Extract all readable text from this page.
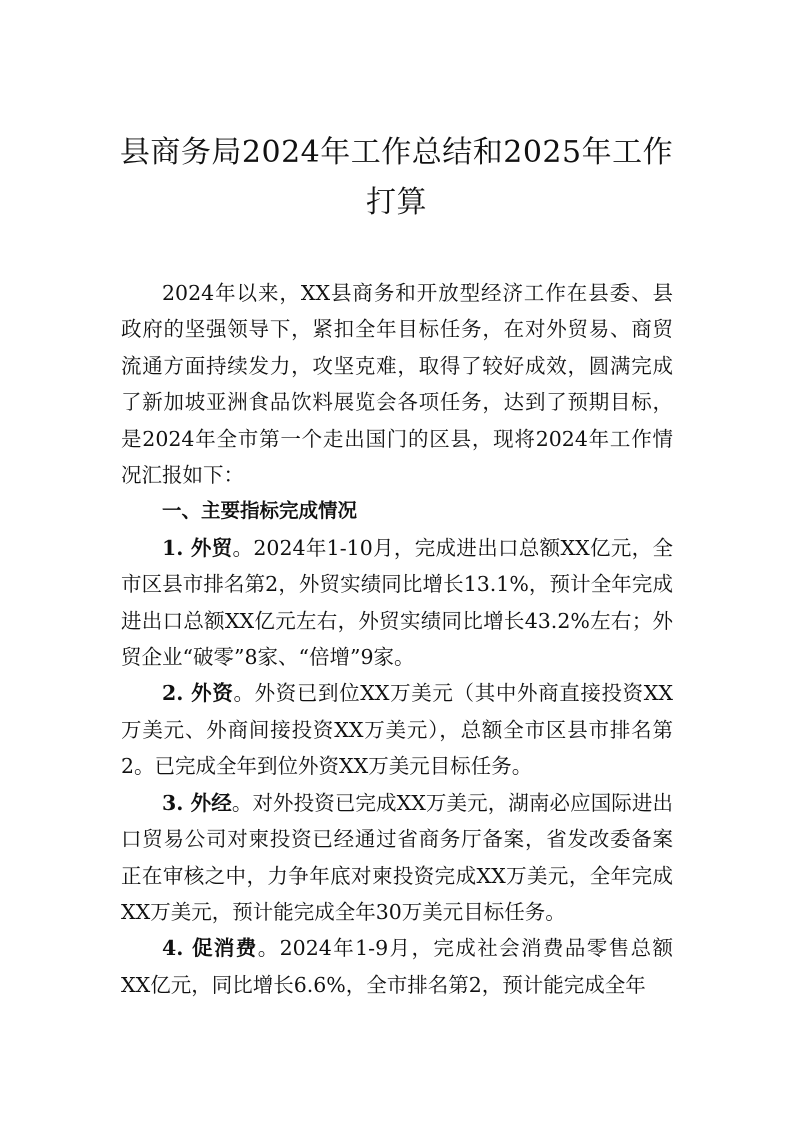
县商务局2024年工作总结和2025年工作打算

2024年以来，XX县商务和开放型经济工作在县委、县政府的坚强领导下，紧扣全年目标任务，在对外贸易、商贸流通方面持续发力，攻坚克难，取得了较好成效，圆满完成了新加坡亚洲食品饮料展览会各项任务，达到了预期目标，是2024年全市第一个走出国门的区县，现将2024年工作情况汇报如下：

一、主要指标完成情况

1. 外贸。2024年1-10月，完成进出口总额XX亿元，全市区县市排名第2，外贸实绩同比增长13.1%，预计全年完成进出口总额XX亿元左右，外贸实绩同比增长43.2%左右；外贸企业“破零”8家、“倍增”9家。

2. 外资。外资已到位XX万美元（其中外商直接投资XX万美元、外商间接投资XX万美元），总额全市区县市排名第2。已完成全年到位外资XX万美元目标任务。

3. 外经。对外投资已完成XX万美元，湖南必应国际进出口贸易公司对柬投资已经通过省商务厅备案，省发改委备案正在审核之中，力争年底对柬投资完成XX万美元，全年完成XX万美元，预计能完成全年30万美元目标任务。

4. 促消费。2024年1-9月，完成社会消费品零售总额XX亿元，同比增长6.6%，全市排名第2，预计能完成全年
